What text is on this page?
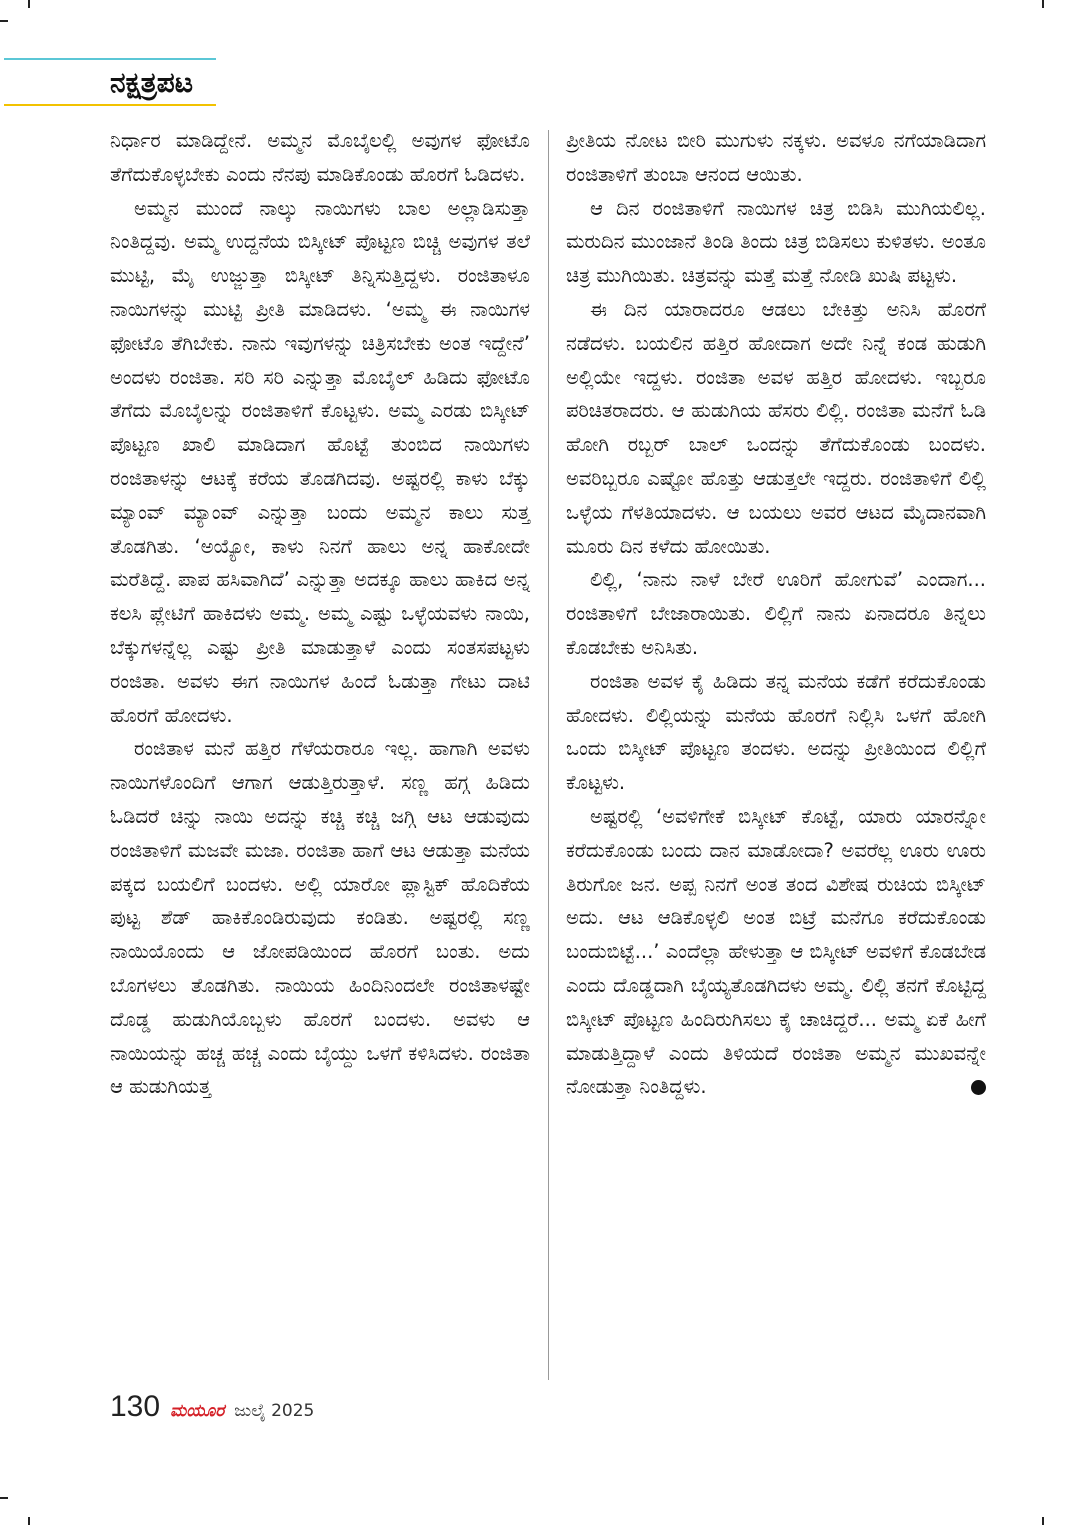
ನಕ್ಷತ್ರಪಟ

ನಿರ್ಧಾರ ಮಾಡಿದ್ದೇನೆ. ಅಮ್ಮನ ಮೊಬೈಲಲ್ಲಿ ಅವುಗಳ ಫೋಟೊ ತೆಗೆದುಕೊಳ್ಳಬೇಕು ಎಂದು ನೆನಪು ಮಾಡಿಕೊಂಡು ಹೊರಗೆ ಓಡಿದಳು.

ಅಮ್ಮನ ಮುಂದೆ ನಾಲ್ಕು ನಾಯಿಗಳು ಬಾಲ ಅಲ್ಲಾಡಿಸುತ್ತಾ ನಿಂತಿದ್ದವು. ಅಮ್ಮ ಉದ್ದನೆಯ ಬಿಸ್ಕೀಟ್ ಪೊಟ್ಟಣ ಬಿಚ್ಚಿ ಅವುಗಳ ತಲೆ ಮುಟ್ಟಿ, ಮೈ ಉಜ್ಜುತ್ತಾ ಬಿಸ್ಕೀಟ್ ತಿನ್ನಿಸುತ್ತಿದ್ದಳು. ರಂಜಿತಾಳೂ ನಾಯಿಗಳನ್ನು ಮುಟ್ಟಿ ಪ್ರೀತಿ ಮಾಡಿದಳು. ‘ಅಮ್ಮ ಈ ನಾಯಿಗಳ ಫೋಟೊ ತೆಗಿಬೇಕು. ನಾನು ಇವುಗಳನ್ನು ಚಿತ್ರಿಸಬೇಕು ಅಂತ ಇದ್ದೇನೆ’ ಅಂದಳು ರಂಜಿತಾ. ಸರಿ ಸರಿ ಎನ್ನುತ್ತಾ ಮೊಬೈಲ್ ಹಿಡಿದು ಫೋಟೊ ತೆಗೆದು ಮೊಬೈಲನ್ನು ರಂಜಿತಾಳಿಗೆ ಕೊಟ್ಟಳು. ಅಮ್ಮ ಎರಡು ಬಿಸ್ಕೀಟ್ ಪೊಟ್ಟಣ ಖಾಲಿ ಮಾಡಿದಾಗ ಹೊಟ್ಟೆ ತುಂಬಿದ ನಾಯಿಗಳು ರಂಜಿತಾಳನ್ನು ಆಟಕ್ಕೆ ಕರೆಯ ತೊಡಗಿದವು. ಅಷ್ಟರಲ್ಲಿ ಕಾಳು ಬೆಕ್ಕು ಮ್ಯಾಂವ್ ಮ್ಯಾಂವ್ ಎನ್ನುತ್ತಾ ಬಂದು ಅಮ್ಮನ ಕಾಲು ಸುತ್ತ ತೊಡಗಿತು. ‘ಅಯ್ಯೋ, ಕಾಳು ನಿನಗೆ ಹಾಲು ಅನ್ನ ಹಾಕೋದೇ ಮರೆತಿದ್ದೆ. ಪಾಪ ಹಸಿವಾಗಿದೆ’ ಎನ್ನುತ್ತಾ ಅದಕ್ಕೂ ಹಾಲು ಹಾಕಿದ ಅನ್ನ ಕಲಸಿ ಪ್ಲೇಟಿಗೆ ಹಾಕಿದಳು ಅಮ್ಮ. ಅಮ್ಮ ಎಷ್ಟು ಒಳ್ಳೆಯವಳು ನಾಯಿ, ಬೆಕ್ಕುಗಳನ್ನೆಲ್ಲ ಎಷ್ಟು ಪ್ರೀತಿ ಮಾಡುತ್ತಾಳೆ ಎಂದು ಸಂತಸಪಟ್ಟಳು ರಂಜಿತಾ. ಅವಳು ಈಗ ನಾಯಿಗಳ ಹಿಂದೆ ಓಡುತ್ತಾ ಗೇಟು ದಾಟಿ ಹೊರಗೆ ಹೋದಳು.

ರಂಜಿತಾಳ ಮನೆ ಹತ್ತಿರ ಗೆಳೆಯರಾರೂ ಇಲ್ಲ. ಹಾಗಾಗಿ ಅವಳು ನಾಯಿಗಳೊಂದಿಗೆ ಆಗಾಗ ಆಡುತ್ತಿರುತ್ತಾಳೆ. ಸಣ್ಣ ಹಗ್ಗ ಹಿಡಿದು ಓಡಿದರೆ ಚಿನ್ನು ನಾಯಿ ಅದನ್ನು ಕಚ್ಚಿ ಕಚ್ಚಿ ಜಗ್ಗಿ ಆಟ ಆಡುವುದು ರಂಜಿತಾಳಿಗೆ ಮಜವೇ ಮಜಾ. ರಂಜಿತಾ ಹಾಗೆ ಆಟ ಆಡುತ್ತಾ ಮನೆಯ ಪಕ್ಕದ ಬಯಲಿಗೆ ಬಂದಳು. ಅಲ್ಲಿ ಯಾರೋ ಪ್ಲಾಸ್ಟಿಕ್ ಹೊದಿಕೆಯ ಪುಟ್ಟ ಶೆಡ್ ಹಾಕಿಕೊಂಡಿರುವುದು ಕಂಡಿತು. ಅಷ್ಟರಲ್ಲಿ ಸಣ್ಣ ನಾಯಿಯೊಂದು ಆ ಜೋಪಡಿಯಿಂದ ಹೊರಗೆ ಬಂತು. ಅದು ಬೊಗಳಲು ತೊಡಗಿತು. ನಾಯಿಯ ಹಿಂದಿನಿಂದಲೇ ರಂಜಿತಾಳಷ್ಟೇ ದೊಡ್ಡ ಹುಡುಗಿಯೊಬ್ಬಳು ಹೊರಗೆ ಬಂದಳು. ಅವಳು ಆ ನಾಯಿಯನ್ನು ಹಚ್ಚ ಹಚ್ಚ ಎಂದು ಬೈಯ್ದು ಒಳಗೆ ಕಳಿಸಿದಳು. ರಂಜಿತಾ ಆ ಹುಡುಗಿಯತ್ತ

ಪ್ರೀತಿಯ ನೋಟ ಬೀರಿ ಮುಗುಳು ನಕ್ಕಳು. ಅವಳೂ ನಗೆಯಾಡಿದಾಗ ರಂಜಿತಾಳಿಗೆ ತುಂಬಾ ಆನಂದ ಆಯಿತು.

ಆ ದಿನ ರಂಜಿತಾಳಿಗೆ ನಾಯಿಗಳ ಚಿತ್ರ ಬಿಡಿಸಿ ಮುಗಿಯಲಿಲ್ಲ. ಮರುದಿನ ಮುಂಜಾನೆ ತಿಂಡಿ ತಿಂದು ಚಿತ್ರ ಬಿಡಿಸಲು ಕುಳಿತಳು. ಅಂತೂ ಚಿತ್ರ ಮುಗಿಯಿತು. ಚಿತ್ರವನ್ನು ಮತ್ತೆ ಮತ್ತೆ ನೋಡಿ ಖುಷಿ ಪಟ್ಟಳು.

ಈ ದಿನ ಯಾರಾದರೂ ಆಡಲು ಬೇಕಿತ್ತು ಅನಿಸಿ ಹೊರಗೆ ನಡೆದಳು. ಬಯಲಿನ ಹತ್ತಿರ ಹೋದಾಗ ಅದೇ ನಿನ್ನೆ ಕಂಡ ಹುಡುಗಿ ಅಲ್ಲಿಯೇ ಇದ್ದಳು. ರಂಜಿತಾ ಅವಳ ಹತ್ತಿರ ಹೋದಳು. ಇಬ್ಬರೂ ಪರಿಚಿತರಾದರು. ಆ ಹುಡುಗಿಯ ಹೆಸರು ಲಿಲ್ಲಿ. ರಂಜಿತಾ ಮನೆಗೆ ಓಡಿ ಹೋಗಿ ರಬ್ಬರ್ ಬಾಲ್ ಒಂದನ್ನು ತೆಗೆದುಕೊಂಡು ಬಂದಳು. ಅವರಿಬ್ಬರೂ ಎಷ್ಟೋ ಹೊತ್ತು ಆಡುತ್ತಲೇ ಇದ್ದರು. ರಂಜಿತಾಳಿಗೆ ಲಿಲ್ಲಿ ಒಳ್ಳೆಯ ಗೆಳತಿಯಾದಳು. ಆ ಬಯಲು ಅವರ ಆಟದ ಮೈದಾನವಾಗಿ ಮೂರು ದಿನ ಕಳೆದು ಹೋಯಿತು.

ಲಿಲ್ಲಿ, ‘ನಾನು ನಾಳೆ ಬೇರೆ ಊರಿಗೆ ಹೋಗುವೆ’ ಎಂದಾಗ... ರಂಜಿತಾಳಿಗೆ ಬೇಜಾರಾಯಿತು. ಲಿಲ್ಲಿಗೆ ನಾನು ಏನಾದರೂ ತಿನ್ನಲು ಕೊಡಬೇಕು ಅನಿಸಿತು.

ರಂಜಿತಾ ಅವಳ ಕೈ ಹಿಡಿದು ತನ್ನ ಮನೆಯ ಕಡೆಗೆ ಕರೆದುಕೊಂಡು ಹೋದಳು. ಲಿಲ್ಲಿಯನ್ನು ಮನೆಯ ಹೊರಗೆ ನಿಲ್ಲಿಸಿ ಒಳಗೆ ಹೋಗಿ ಒಂದು ಬಿಸ್ಕೀಟ್ ಪೊಟ್ಟಣ ತಂದಳು. ಅದನ್ನು ಪ್ರೀತಿಯಿಂದ ಲಿಲ್ಲಿಗೆ ಕೊಟ್ಟಳು.

ಅಷ್ಟರಲ್ಲಿ ‘ಅವಳಿಗೇಕೆ ಬಿಸ್ಕೀಟ್ ಕೊಟ್ಟೆ, ಯಾರು ಯಾರನ್ನೋ ಕರೆದುಕೊಂಡು ಬಂದು ದಾನ ಮಾಡೋದಾ? ಅವರೆಲ್ಲ ಊರು ಊರು ತಿರುಗೋ ಜನ. ಅಪ್ಪ ನಿನಗೆ ಅಂತ ತಂದ ವಿಶೇಷ ರುಚಿಯ ಬಿಸ್ಕೀಟ್ ಅದು. ಆಟ ಆಡಿಕೊಳ್ಳಲಿ ಅಂತ ಬಿಟ್ರೆ ಮನೆಗೂ ಕರೆದುಕೊಂಡು ಬಂದುಬಿಟ್ಟೆ...’ ಎಂದೆಲ್ಲಾ ಹೇಳುತ್ತಾ ಆ ಬಿಸ್ಕೀಟ್ ಅವಳಿಗೆ ಕೊಡಬೇಡ ಎಂದು ದೊಡ್ಡದಾಗಿ ಬೈಯ್ಯತೊಡಗಿದಳು ಅಮ್ಮ. ಲಿಲ್ಲಿ ತನಗೆ ಕೊಟ್ಟಿದ್ದ ಬಿಸ್ಕೀಟ್ ಪೊಟ್ಟಣ ಹಿಂದಿರುಗಿಸಲು ಕೈ ಚಾಚಿದ್ದರೆ... ಅಮ್ಮ ಏಕೆ ಹೀಗೆ ಮಾಡುತ್ತಿದ್ದಾಳೆ ಎಂದು ತಿಳಿಯದೆ ರಂಜಿತಾ ಅಮ್ಮನ ಮುಖವನ್ನೇ ನೋಡುತ್ತಾ ನಿಂತಿದ್ದಳು.

130 ಮಯೂರ ಜುಲೈ 2025
